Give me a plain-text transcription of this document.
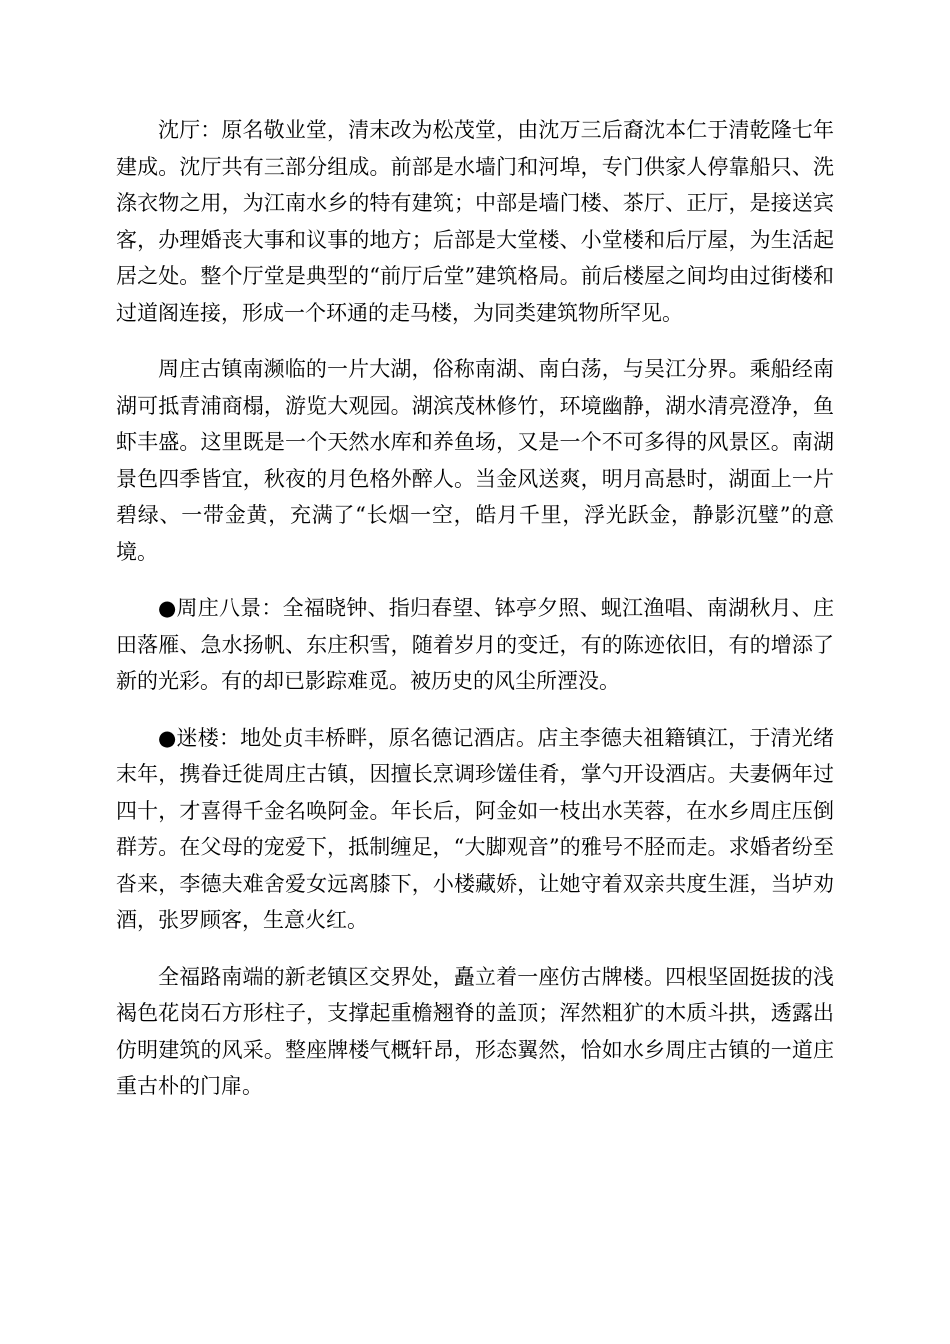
沈厅：原名敬业堂，清末改为松茂堂，由沈万三后裔沈本仁于清乾隆七年建成。沈厅共有三部分组成。前部是水墙门和河埠，专门供家人停靠船只、洗涤衣物之用，为江南水乡的特有建筑；中部是墙门楼、茶厅、正厅，是接送宾客，办理婚丧大事和议事的地方；后部是大堂楼、小堂楼和后厅屋，为生活起居之处。整个厅堂是典型的“前厅后堂”建筑格局。前后楼屋之间均由过街楼和过道阁连接，形成一个环通的走马楼，为同类建筑物所罕见。

周庄古镇南濒临的一片大湖，俗称南湖、南白荡，与吴江分界。乘船经南湖可抵青浦商榻，游览大观园。湖滨茂林修竹，环境幽静，湖水清亮澄净，鱼虾丰盛。这里既是一个天然水库和养鱼场，又是一个不可多得的风景区。南湖景色四季皆宜，秋夜的月色格外醉人。当金风送爽，明月高悬时，湖面上一片碧绿、一带金黄，充满了“长烟一空，皓月千里，浮光跃金，静影沉璧”的意境。

●周庄八景：全福晓钟、指归春望、钵亭夕照、蚬江渔唱、南湖秋月、庄田落雁、急水扬帆、东庄积雪，随着岁月的变迁，有的陈迹依旧，有的增添了新的光彩。有的却已影踪难觅。被历史的风尘所湮没。

●迷楼：地处贞丰桥畔，原名德记酒店。店主李德夫祖籍镇江，于清光绪末年，携眷迁徙周庄古镇，因擅长烹调珍馐佳肴，掌勺开设酒店。夫妻俩年过四十，才喜得千金名唤阿金。年长后，阿金如一枝出水芙蓉，在水乡周庄压倒群芳。在父母的宠爱下，抵制缠足，“大脚观音”的雅号不胫而走。求婚者纷至沓来，李德夫难舍爱女远离膝下，小楼藏娇，让她守着双亲共度生涯，当垆劝酒，张罗顾客，生意火红。

全福路南端的新老镇区交界处，矗立着一座仿古牌楼。四根坚固挺拔的浅褐色花岗石方形柱子，支撑起重檐翘脊的盖顶；浑然粗犷的木质斗拱，透露出仿明建筑的风采。整座牌楼气概轩昂，形态翼然，恰如水乡周庄古镇的一道庄重古朴的门扉。
